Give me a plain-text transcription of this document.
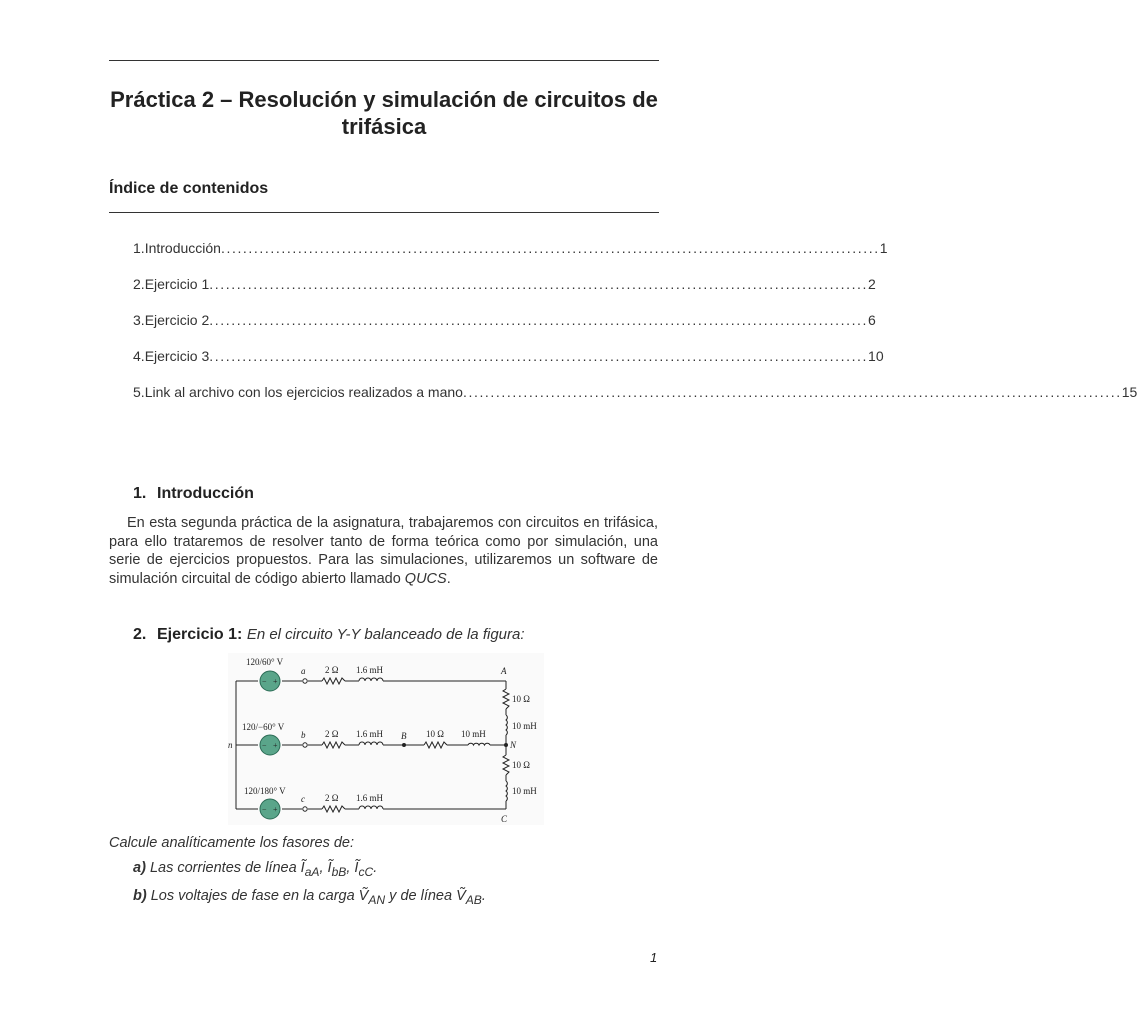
Práctica 2 – Resolución y simulación de circuitos de trifásica
Índice de contenidos
1. Introducción ........................................................................................................................ 1
2. Ejercicio 1 ........................................................................................................................ 2
3. Ejercicio 2 ........................................................................................................................ 6
4. Ejercicio 3 ........................................................................................................................ 10
5. Link al archivo con los ejercicios realizados a mano ........................................................................................................................ 15
1. Introducción
En esta segunda práctica de la asignatura, trabajaremos con circuitos en trifásica, para ello trataremos de resolver tanto de forma teórica como por simulación, una serie de ejercicios propuestos. Para las simulaciones, utilizaremos un software de simulación circuital de código abierto llamado QUCS.
2. Ejercicio 1: En el circuito Y-Y balanceado de la figura:
− +
− +
− +
120/60° V
120/−60° V
120/180° V
a
b
c
n
A
B
C
N
2 Ω 1.6 mH
2 Ω 1.6 mH
2 Ω 1.6 mH
10 Ω 10 mH
10 Ω
10 mH
10 Ω
10 mH
Calcule analíticamente los fasores de:
a) Las corrientes de línea $Ĩ_{aA}$, $Ĩ_{bB}$, $Ĩ_{cC}$.
b) Los voltajes de fase en la carga Ṽ$_{AN}$ y de línea Ṽ$_{AB}$.
1
